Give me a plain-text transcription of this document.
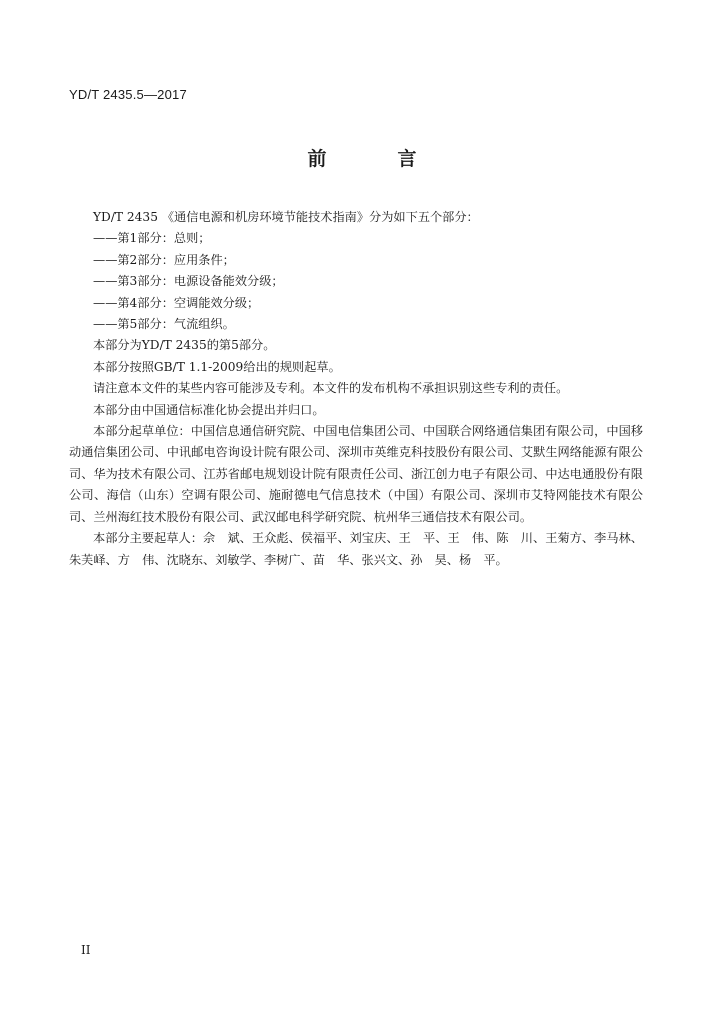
YD/T 2435.5—2017
前　言

YD/T 2435 《通信电源和机房环境节能技术指南》分为如下五个部分：

——第1部分：总则；

——第2部分：应用条件；

——第3部分：电源设备能效分级；

——第4部分：空调能效分级；

——第5部分：气流组织。

本部分为YD/T 2435的第5部分。

本部分按照GB/T 1.1-2009给出的规则起草。

请注意本文件的某些内容可能涉及专利。本文件的发布机构不承担识别这些专利的责任。

本部分由中国通信标准化协会提出并归口。

本部分起草单位：中国信息通信研究院、中国电信集团公司、中国联合网络通信集团有限公司，中国移动通信集团公司、中讯邮电咨询设计院有限公司、深圳市英维克科技股份有限公司、艾默生网络能源有限公司、华为技术有限公司、江苏省邮电规划设计院有限责任公司、浙江创力电子有限公司、中达电通股份有限公司、海信（山东）空调有限公司、施耐德电气信息技术（中国）有限公司、深圳市艾特网能技术有限公司、兰州海红技术股份有限公司、武汉邮电科学研究院、杭州华三通信技术有限公司。

本部分主要起草人：佘　斌、王众彪、侯福平、刘宝庆、王　平、王　伟、陈　川、王菊方、李马林、朱芙峄、方　伟、沈晓东、刘敏学、李树广、苗　华、张兴文、孙　昊、杨　平。

II
